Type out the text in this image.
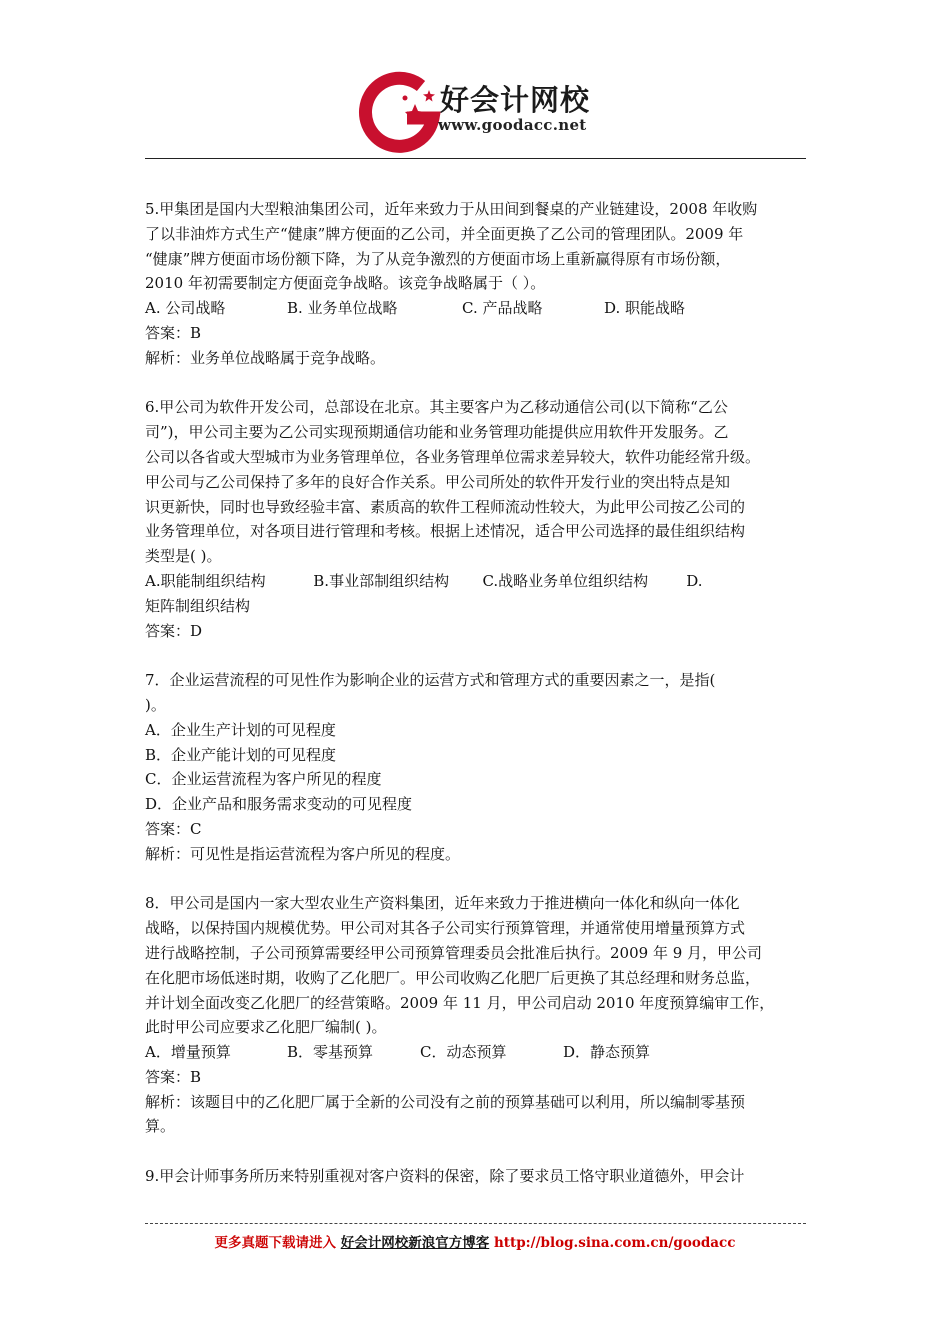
好会计网校
www.goodacc.net

5.甲集团是国内大型粮油集团公司，近年来致力于从田间到餐桌的产业链建设，2008 年收购

了以非油炸方式生产“健康”牌方便面的乙公司，并全面更换了乙公司的管理团队。2009 年

“健康”牌方便面市场份额下降，为了从竞争激烈的方便面市场上重新赢得原有市场份额，

2010 年初需要制定方便面竞争战略。该竞争战略属于（ ）。

A. 公司战略	B. 业务单位战略	C. 产品战略	D. 职能战略

答案：B

解析：业务单位战略属于竞争战略。

6.甲公司为软件开发公司，总部设在北京。其主要客户为乙移动通信公司(以下简称“乙公

司”)，甲公司主要为乙公司实现预期通信功能和业务管理功能提供应用软件开发服务。乙

公司以各省或大型城市为业务管理单位，各业务管理单位需求差异较大，软件功能经常升级。

甲公司与乙公司保持了多年的良好合作关系。甲公司所处的软件开发行业的突出特点是知

识更新快，同时也导致经验丰富、素质高的软件工程师流动性较大，为此甲公司按乙公司的

业务管理单位，对各项目进行管理和考核。根据上述情况，适合甲公司选择的最佳组织结构

类型是( )。

A.职能制组织结构          B.事业部制组织结构       C.战略业务单位组织结构        D.

矩阵制组织结构

答案：D

7．企业运营流程的可见性作为影响企业的运营方式和管理方式的重要因素之一，是指(

)。

A．企业生产计划的可见程度

B．企业产能计划的可见程度

C．企业运营流程为客户所见的程度

D．企业产品和服务需求变动的可见程度

答案：C

解析：可见性是指运营流程为客户所见的程度。

8．甲公司是国内一家大型农业生产资料集团，近年来致力于推进横向一体化和纵向一体化

战略，以保持国内规模优势。甲公司对其各子公司实行预算管理，并通常使用增量预算方式

进行战略控制，子公司预算需要经甲公司预算管理委员会批准后执行。2009 年 9 月，甲公司

在化肥市场低迷时期，收购了乙化肥厂。甲公司收购乙化肥厂后更换了其总经理和财务总监，

并计划全面改变乙化肥厂的经营策略。2009 年 11 月，甲公司启动 2010 年度预算编审工作，

此时甲公司应要求乙化肥厂编制( )。

A．增量预算	B．零基预算	C．动态预算	D．静态预算

答案：B

解析：该题目中的乙化肥厂属于全新的公司没有之前的预算基础可以利用，所以编制零基预

算。

9.甲会计师事务所历来特别重视对客户资料的保密，除了要求员工恪守职业道德外，甲会计

更多真题下载请进入 好会计网校新浪官方博客 http://blog.sina.com.cn/goodacc
